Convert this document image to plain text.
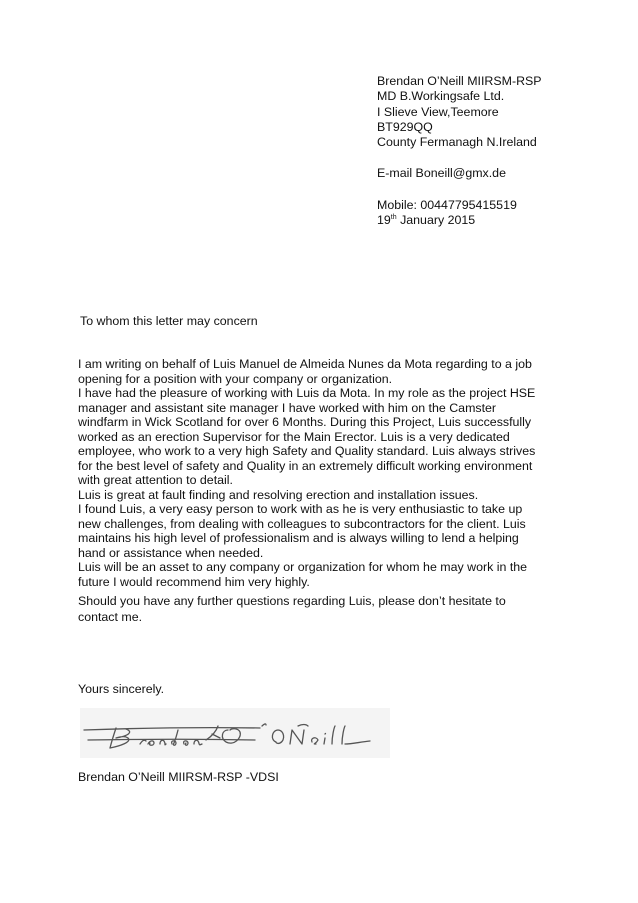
Brendan O’Neill MIIRSM-RSP
MD B.Workingsafe Ltd.
I Slieve View,Teemore
BT929QQ
County Fermanagh N.Ireland
E-mail Boneill@gmx.de
Mobile: 00447795415519
19th January 2015
To whom this letter may concern
I am writing on behalf of Luis Manuel de Almeida Nunes da Mota regarding to a job
opening for a position with your company or organization.
I have had the pleasure of working with Luis da Mota. In my role as the project HSE
manager and assistant site manager I have worked with him on the Camster
windfarm in Wick Scotland for over 6 Months. During this Project, Luis successfully
worked as an erection Supervisor for the Main Erector. Luis is a very dedicated
employee, who work to a very high Safety and Quality standard. Luis always strives
for the best level of safety and Quality in an extremely difficult working environment
with great attention to detail.
Luis is great at fault finding and resolving erection and installation issues.
I found Luis, a very easy person to work with as he is very enthusiastic to take up
new challenges, from dealing with colleagues to subcontractors for the client. Luis
maintains his high level of professionalism and is always willing to lend a helping
hand or assistance when needed.
Luis will be an asset to any company or organization for whom he may work in the
future I would recommend him very highly.
Should you have any further questions regarding Luis, please don’t hesitate to
contact me.
Yours sincerely.
Brendan O’Neill MIIRSM-RSP -VDSI
